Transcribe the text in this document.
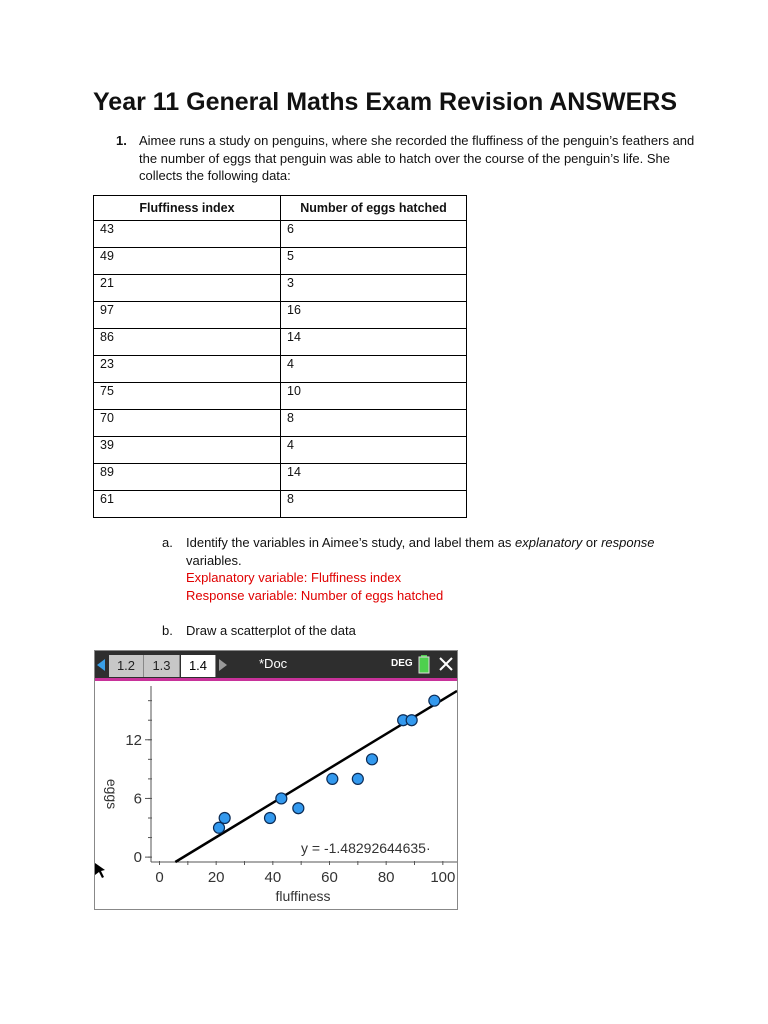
Year 11 General Maths Exam Revision ANSWERS
1. Aimee runs a study on penguins, where she recorded the fluffiness of the penguin’s feathers and the number of eggs that penguin was able to hatch over the course of the penguin’s life. She collects the following data:
Fluffiness index	Number of eggs hatched
43	6
49	5
21	3
97	16
86	14
23	4
75	10
70	8
39	4
89	14
61	8
a. Identify the variables in Aimee’s study, and label them as explanatory or response variables.
Explanatory variable: Fluffiness index
Response variable: Number of eggs hatched
b. Draw a scatterplot of the data
1.2	1.3	1.4	*Doc	DEG
0
6
12
0	20	40	60	80 100
eggs
fluffiness
y = -1.48292644635·
